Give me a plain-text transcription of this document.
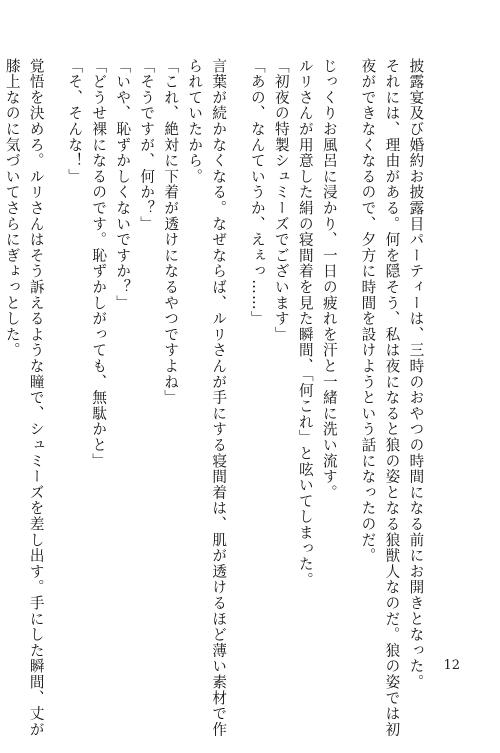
披露宴及び婚約お披露目パーティーは、三時のおやつの時間になる前にお開きとなった。

それには、理由がある。何を隠そう、私は夜になると狼の姿となる狼獣人なのだ。狼の姿では初

夜ができなくなるので、夕方に時間を設けようという話になったのだ。

じっくりお風呂に浸かり、一日の疲れを汗と一緒に洗い流す。

ルリさんが用意した絹の寝間着を見た瞬間、「何これ」と呟いてしまった。

「初夜の特製シュミーズでございます」

「あの、なんていうか、えぇっ……」

言葉が続かなくなる。なぜならば、ルリさんが手にする寝間着は、肌が透けるほど薄い素材で作

られていたから。

「これ、絶対に下着が透けになるやつですよね」

「そうですが、何か？」

「いや、恥ずかしくないですか？」

「どうせ裸になるのです。恥ずかしがっても、無駄かと」

「そ、そんな！」

覚悟を決めろ。ルリさんはそう訴えるような瞳で、シュミーズを差し出す。手にした瞬間、丈が

膝上なのに気づいてさらにぎょっとした。

12
